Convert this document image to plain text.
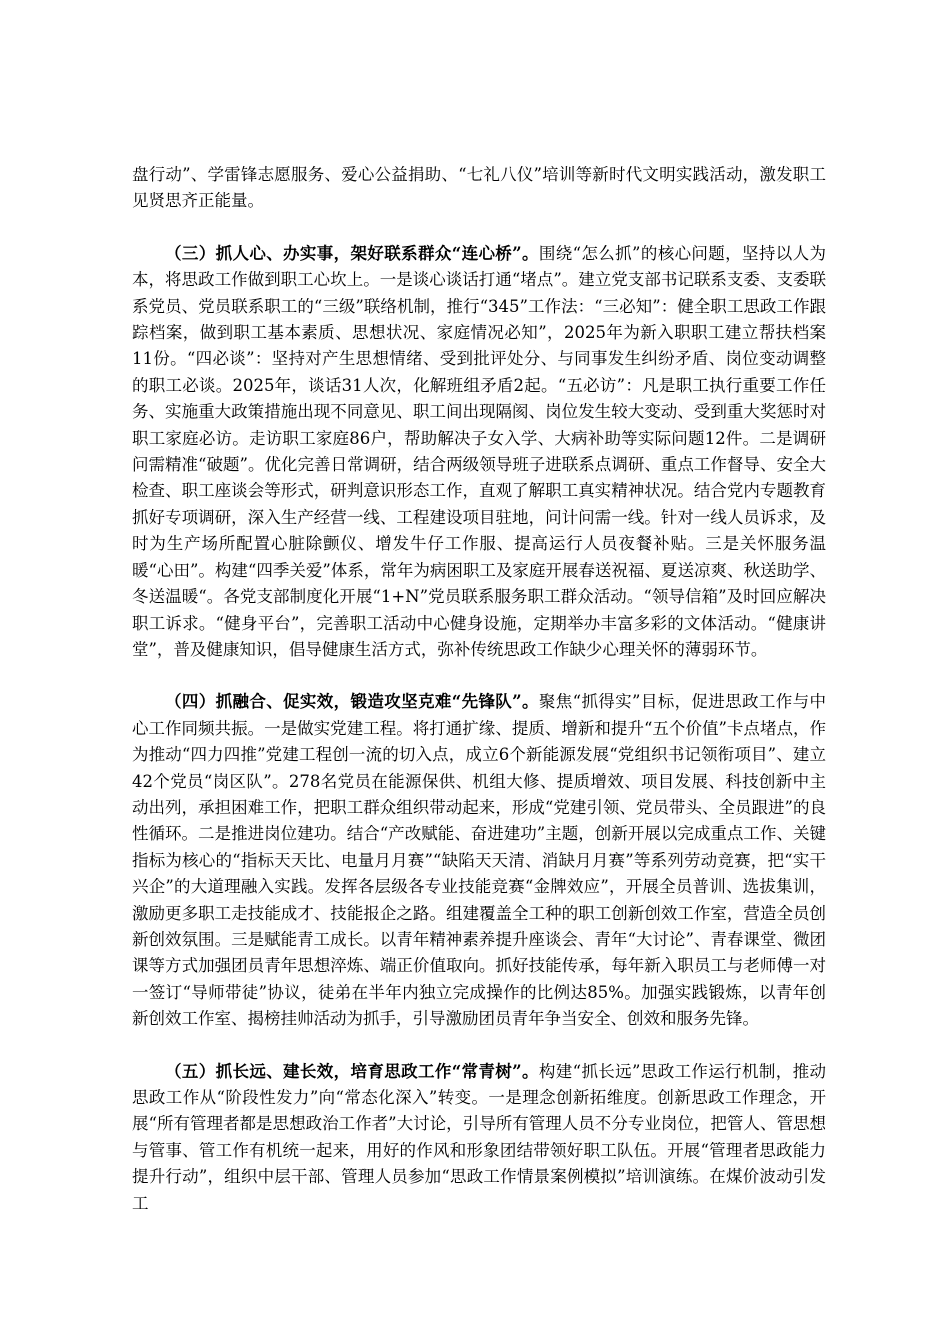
盘行动”、学雷锋志愿服务、爱心公益捐助、“七礼八仪”培训等新时代文明实践活动，激发职工见贤思齐正能量。

（三）抓人心、办实事，架好联系群众“连心桥”。围绕“怎么抓”的核心问题，坚持以人为本，将思政工作做到职工心坎上。一是谈心谈话打通“堵点”。建立党支部书记联系支委、支委联系党员、党员联系职工的“三级”联络机制，推行“345”工作法：“三必知”：健全职工思政工作跟踪档案，做到职工基本素质、思想状况、家庭情况必知”，2025年为新入职职工建立帮扶档案11份。“四必谈”：坚持对产生思想情绪、受到批评处分、与同事发生纠纷矛盾、岗位变动调整的职工必谈。2025年，谈话31人次，化解班组矛盾2起。“五必访”：凡是职工执行重要工作任务、实施重大政策措施出现不同意见、职工间出现隔阂、岗位发生较大变动、受到重大奖惩时对职工家庭必访。走访职工家庭86户，帮助解决子女入学、大病补助等实际问题12件。二是调研问需精准“破题”。优化完善日常调研，结合两级领导班子进联系点调研、重点工作督导、安全大检查、职工座谈会等形式，研判意识形态工作，直观了解职工真实精神状况。结合党内专题教育抓好专项调研，深入生产经营一线、工程建设项目驻地，问计问需一线。针对一线人员诉求，及时为生产场所配置心脏除颤仪、增发牛仔工作服、提高运行人员夜餐补贴。三是关怀服务温暖“心田”。构建“四季关爱”体系，常年为病困职工及家庭开展春送祝福、夏送凉爽、秋送助学、冬送温暖“。各党支部制度化开展“1+N”党员联系服务职工群众活动。“领导信箱”及时回应解决职工诉求。“健身平台”，完善职工活动中心健身设施，定期举办丰富多彩的文体活动。“健康讲堂”，普及健康知识，倡导健康生活方式，弥补传统思政工作缺少心理关怀的薄弱环节。

（四）抓融合、促实效，锻造攻坚克难“先锋队”。聚焦“抓得实”目标，促进思政工作与中心工作同频共振。一是做实党建工程。将打通扩缘、提质、增新和提升“五个价值”卡点堵点，作为推动“四力四推”党建工程创一流的切入点，成立6个新能源发展“党组织书记领衔项目”、建立42个党员“岗区队”。278名党员在能源保供、机组大修、提质增效、项目发展、科技创新中主动出列，承担困难工作，把职工群众组织带动起来，形成“党建引领、党员带头、全员跟进”的良性循环。二是推进岗位建功。结合“产改赋能、奋进建功”主题，创新开展以完成重点工作、关键指标为核心的“指标天天比、电量月月赛”“缺陷天天清、消缺月月赛”等系列劳动竞赛，把“实干兴企”的大道理融入实践。发挥各层级各专业技能竞赛“金牌效应”，开展全员普训、选拔集训，激励更多职工走技能成才、技能报企之路。组建覆盖全工种的职工创新创效工作室，营造全员创新创效氛围。三是赋能青工成长。以青年精神素养提升座谈会、青年“大讨论”、青春课堂、微团课等方式加强团员青年思想淬炼、端正价值取向。抓好技能传承，每年新入职员工与老师傅一对一签订“导师带徒”协议，徒弟在半年内独立完成操作的比例达85%。加强实践锻炼，以青年创新创效工作室、揭榜挂帅活动为抓手，引导激励团员青年争当安全、创效和服务先锋。

（五）抓长远、建长效，培育思政工作“常青树”。构建“抓长远”思政工作运行机制，推动思政工作从“阶段性发力”向“常态化深入”转变。一是理念创新拓维度。创新思政工作理念，开展“所有管理者都是思想政治工作者”大讨论，引导所有管理人员不分专业岗位，把管人、管思想与管事、管工作有机统一起来，用好的作风和形象团结带领好职工队伍。开展“管理者思政能力提升行动”，组织中层干部、管理人员参加“思政工作情景案例模拟”培训演练。在煤价波动引发工
